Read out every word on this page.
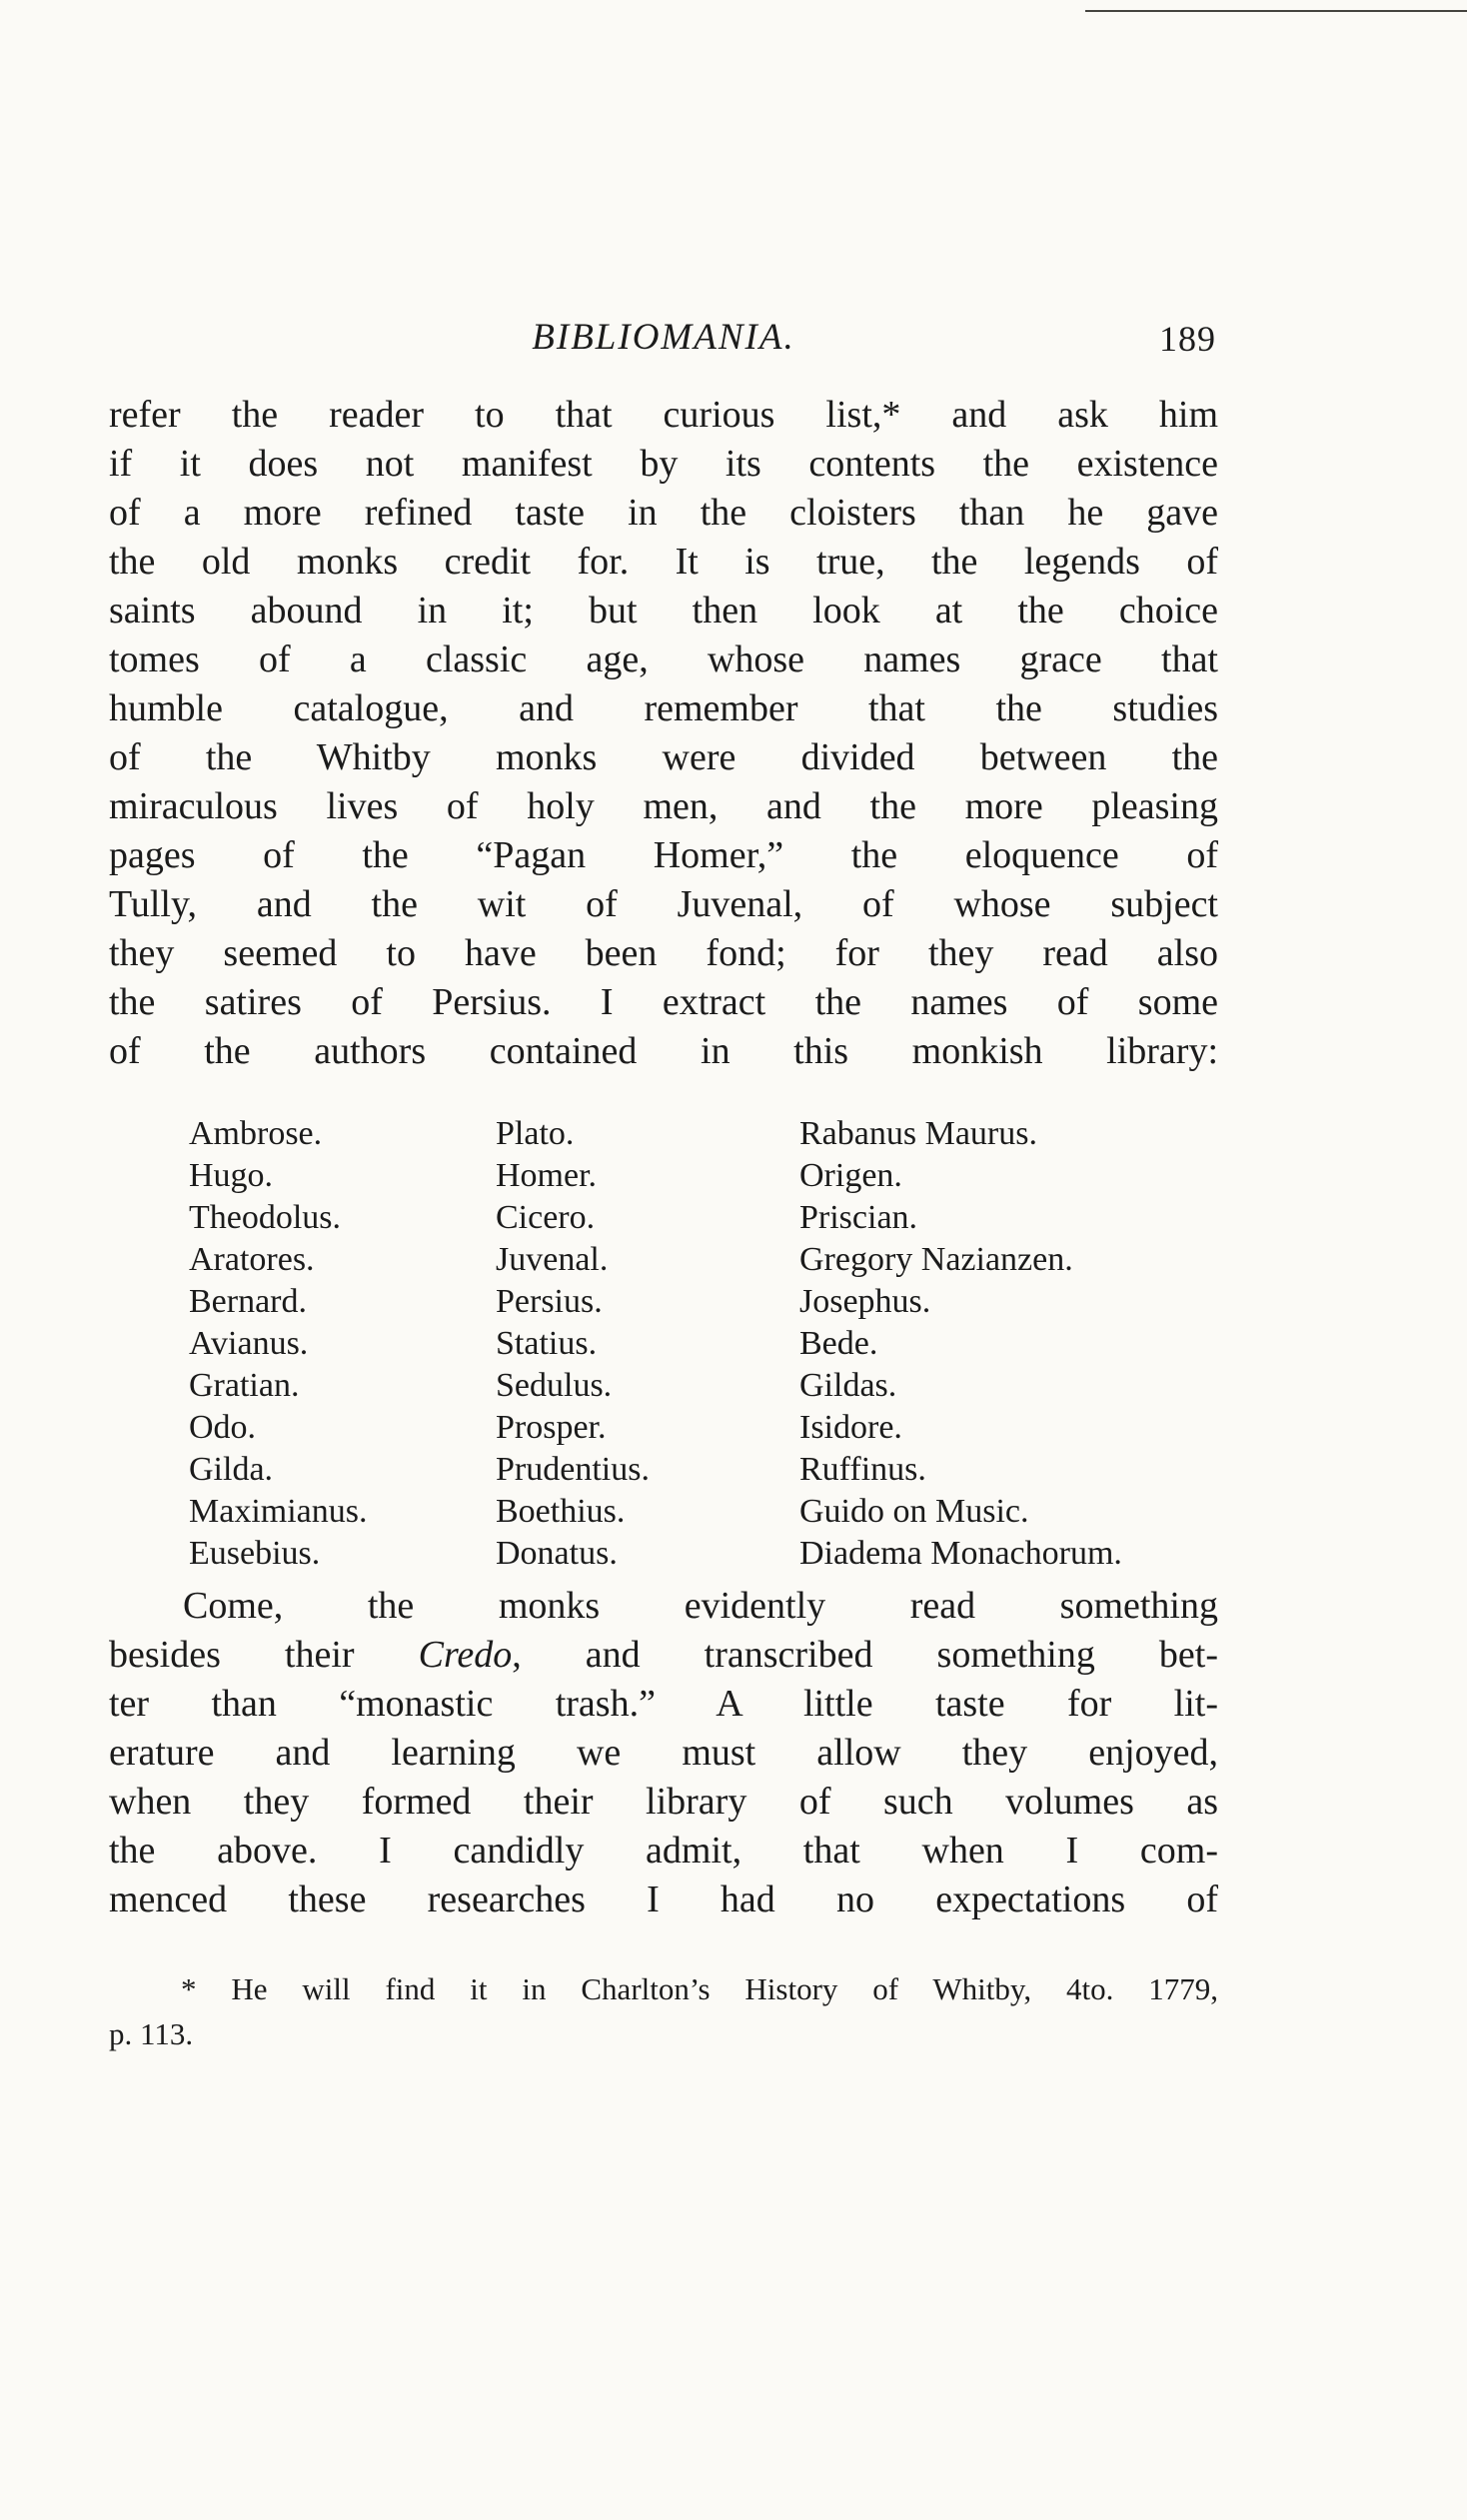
BIBLIOMANIA.	189
refer the reader to that curious list,* and ask him
if it does not manifest by its contents the existence
of a more refined taste in the cloisters than he gave
the old monks credit for. It is true, the legends of
saints abound in it; but then look at the choice
tomes of a classic age, whose names grace that
humble catalogue, and remember that the studies
of the Whitby monks were divided between the
miraculous lives of holy men, and the more pleasing
pages of the “Pagan Homer,” the eloquence of
Tully, and the wit of Juvenal, of whose subject
they seemed to have been fond; for they read also
the satires of Persius. I extract the names of some
of the authors contained in this monkish library:
Ambrose.
Hugo.
Theodolus.
Aratores.
Bernard.
Avianus.
Gratian.
Odo.
Gilda.
Maximianus.
Eusebius.
Plato.
Homer.
Cicero.
Juvenal.
Persius.
Statius.
Sedulus.
Prosper.
Prudentius.
Boethius.
Donatus.
Rabanus Maurus.
Origen.
Priscian.
Gregory Nazianzen.
Josephus.
Bede.
Gildas.
Isidore.
Ruffinus.
Guido on Music.
Diadema Monachorum.
Come, the monks evidently read something
besides their Credo, and transcribed something bet-
ter than “monastic trash.” A little taste for lit-
erature and learning we must allow they enjoyed,
when they formed their library of such volumes as
the above. I candidly admit, that when I com-
menced these researches I had no expectations of
* He will find it in Charlton’s History of Whitby, 4to. 1779,
p. 113.
